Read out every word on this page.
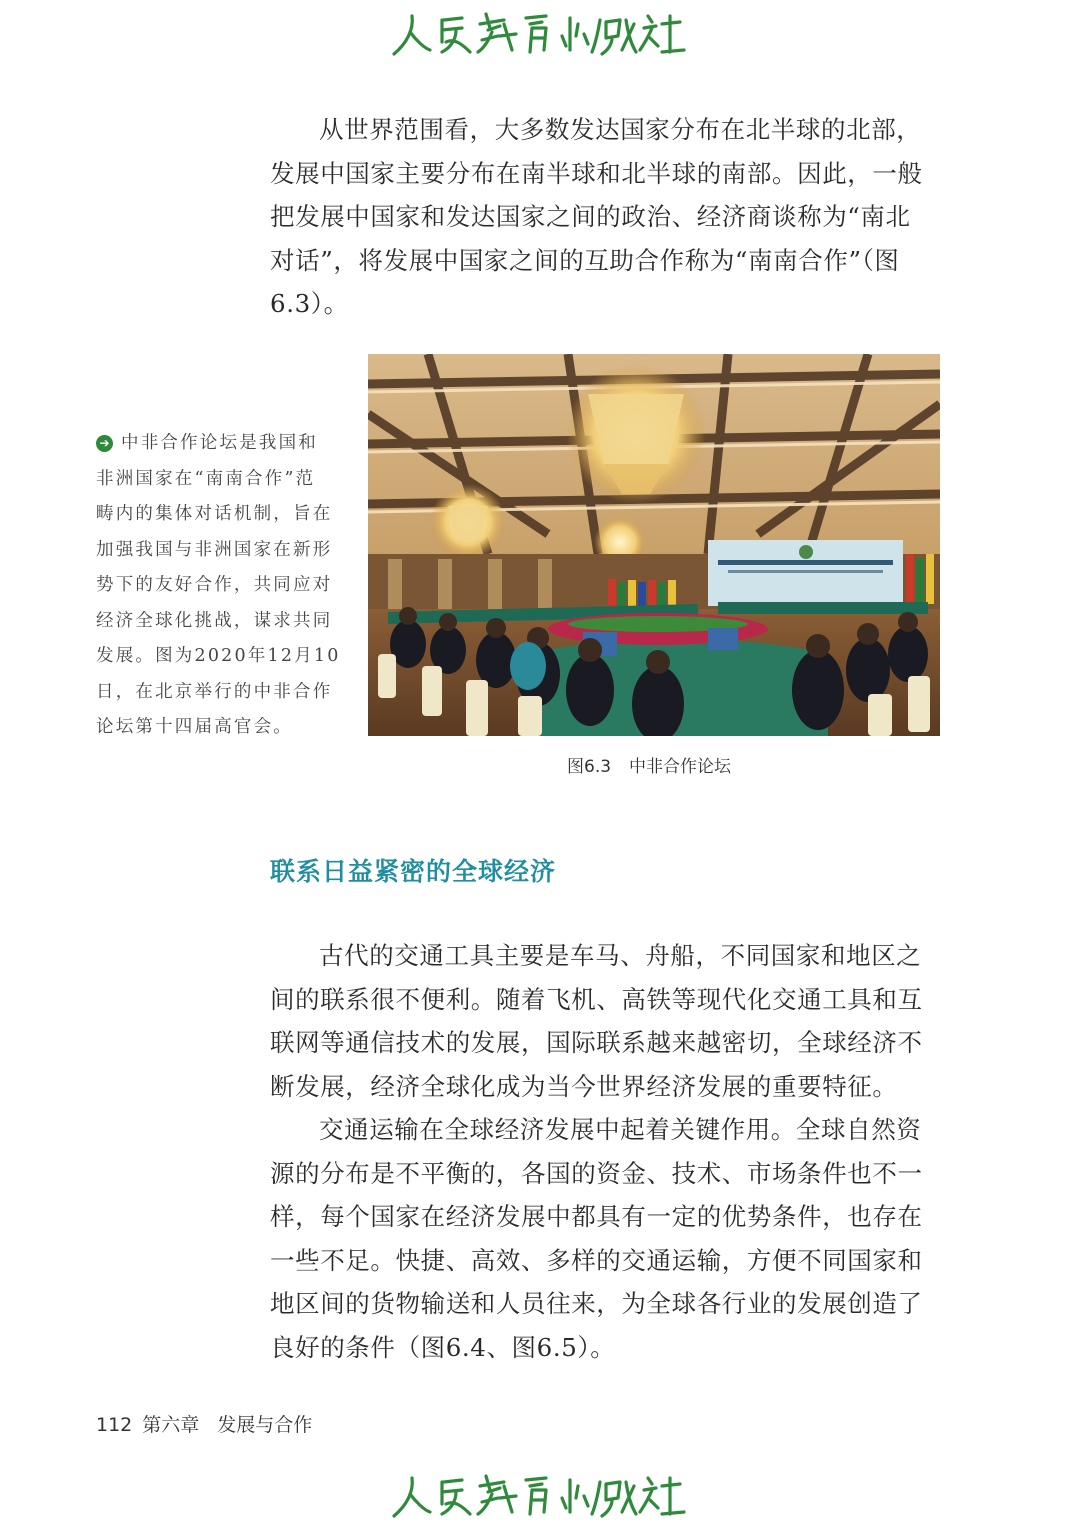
从世界范围看，大多数发达国家分布在北半球的北部，
发展中国家主要分布在南半球和北半球的南部。因此，一般
把发展中国家和发达国家之间的政治、经济商谈称为“南北
对话”，将发展中国家之间的互助合作称为“南南合作”（图
6.3）。
➔ 中非合作论坛是我国和
非洲国家在“南南合作”范
畴内的集体对话机制，旨在
加强我国与非洲国家在新形
势下的友好合作，共同应对
经济全球化挑战，谋求共同
发展。图为2020年12月10
日，在北京举行的中非合作
论坛第十四届高官会。
图6.3 中非合作论坛
联系日益紧密的全球经济
古代的交通工具主要是车马、舟船，不同国家和地区之
间的联系很不便利。随着飞机、高铁等现代化交通工具和互
联网等通信技术的发展，国际联系越来越密切，全球经济不
断发展，经济全球化成为当今世界经济发展的重要特征。
交通运输在全球经济发展中起着关键作用。全球自然资
源的分布是不平衡的，各国的资金、技术、市场条件也不一
样，每个国家在经济发展中都具有一定的优势条件，也存在
一些不足。快捷、高效、多样的交通运输，方便不同国家和
地区间的货物输送和人员往来，为全球各行业的发展创造了
良好的条件（图6.4、图6.5）。
112 第六章 发展与合作
